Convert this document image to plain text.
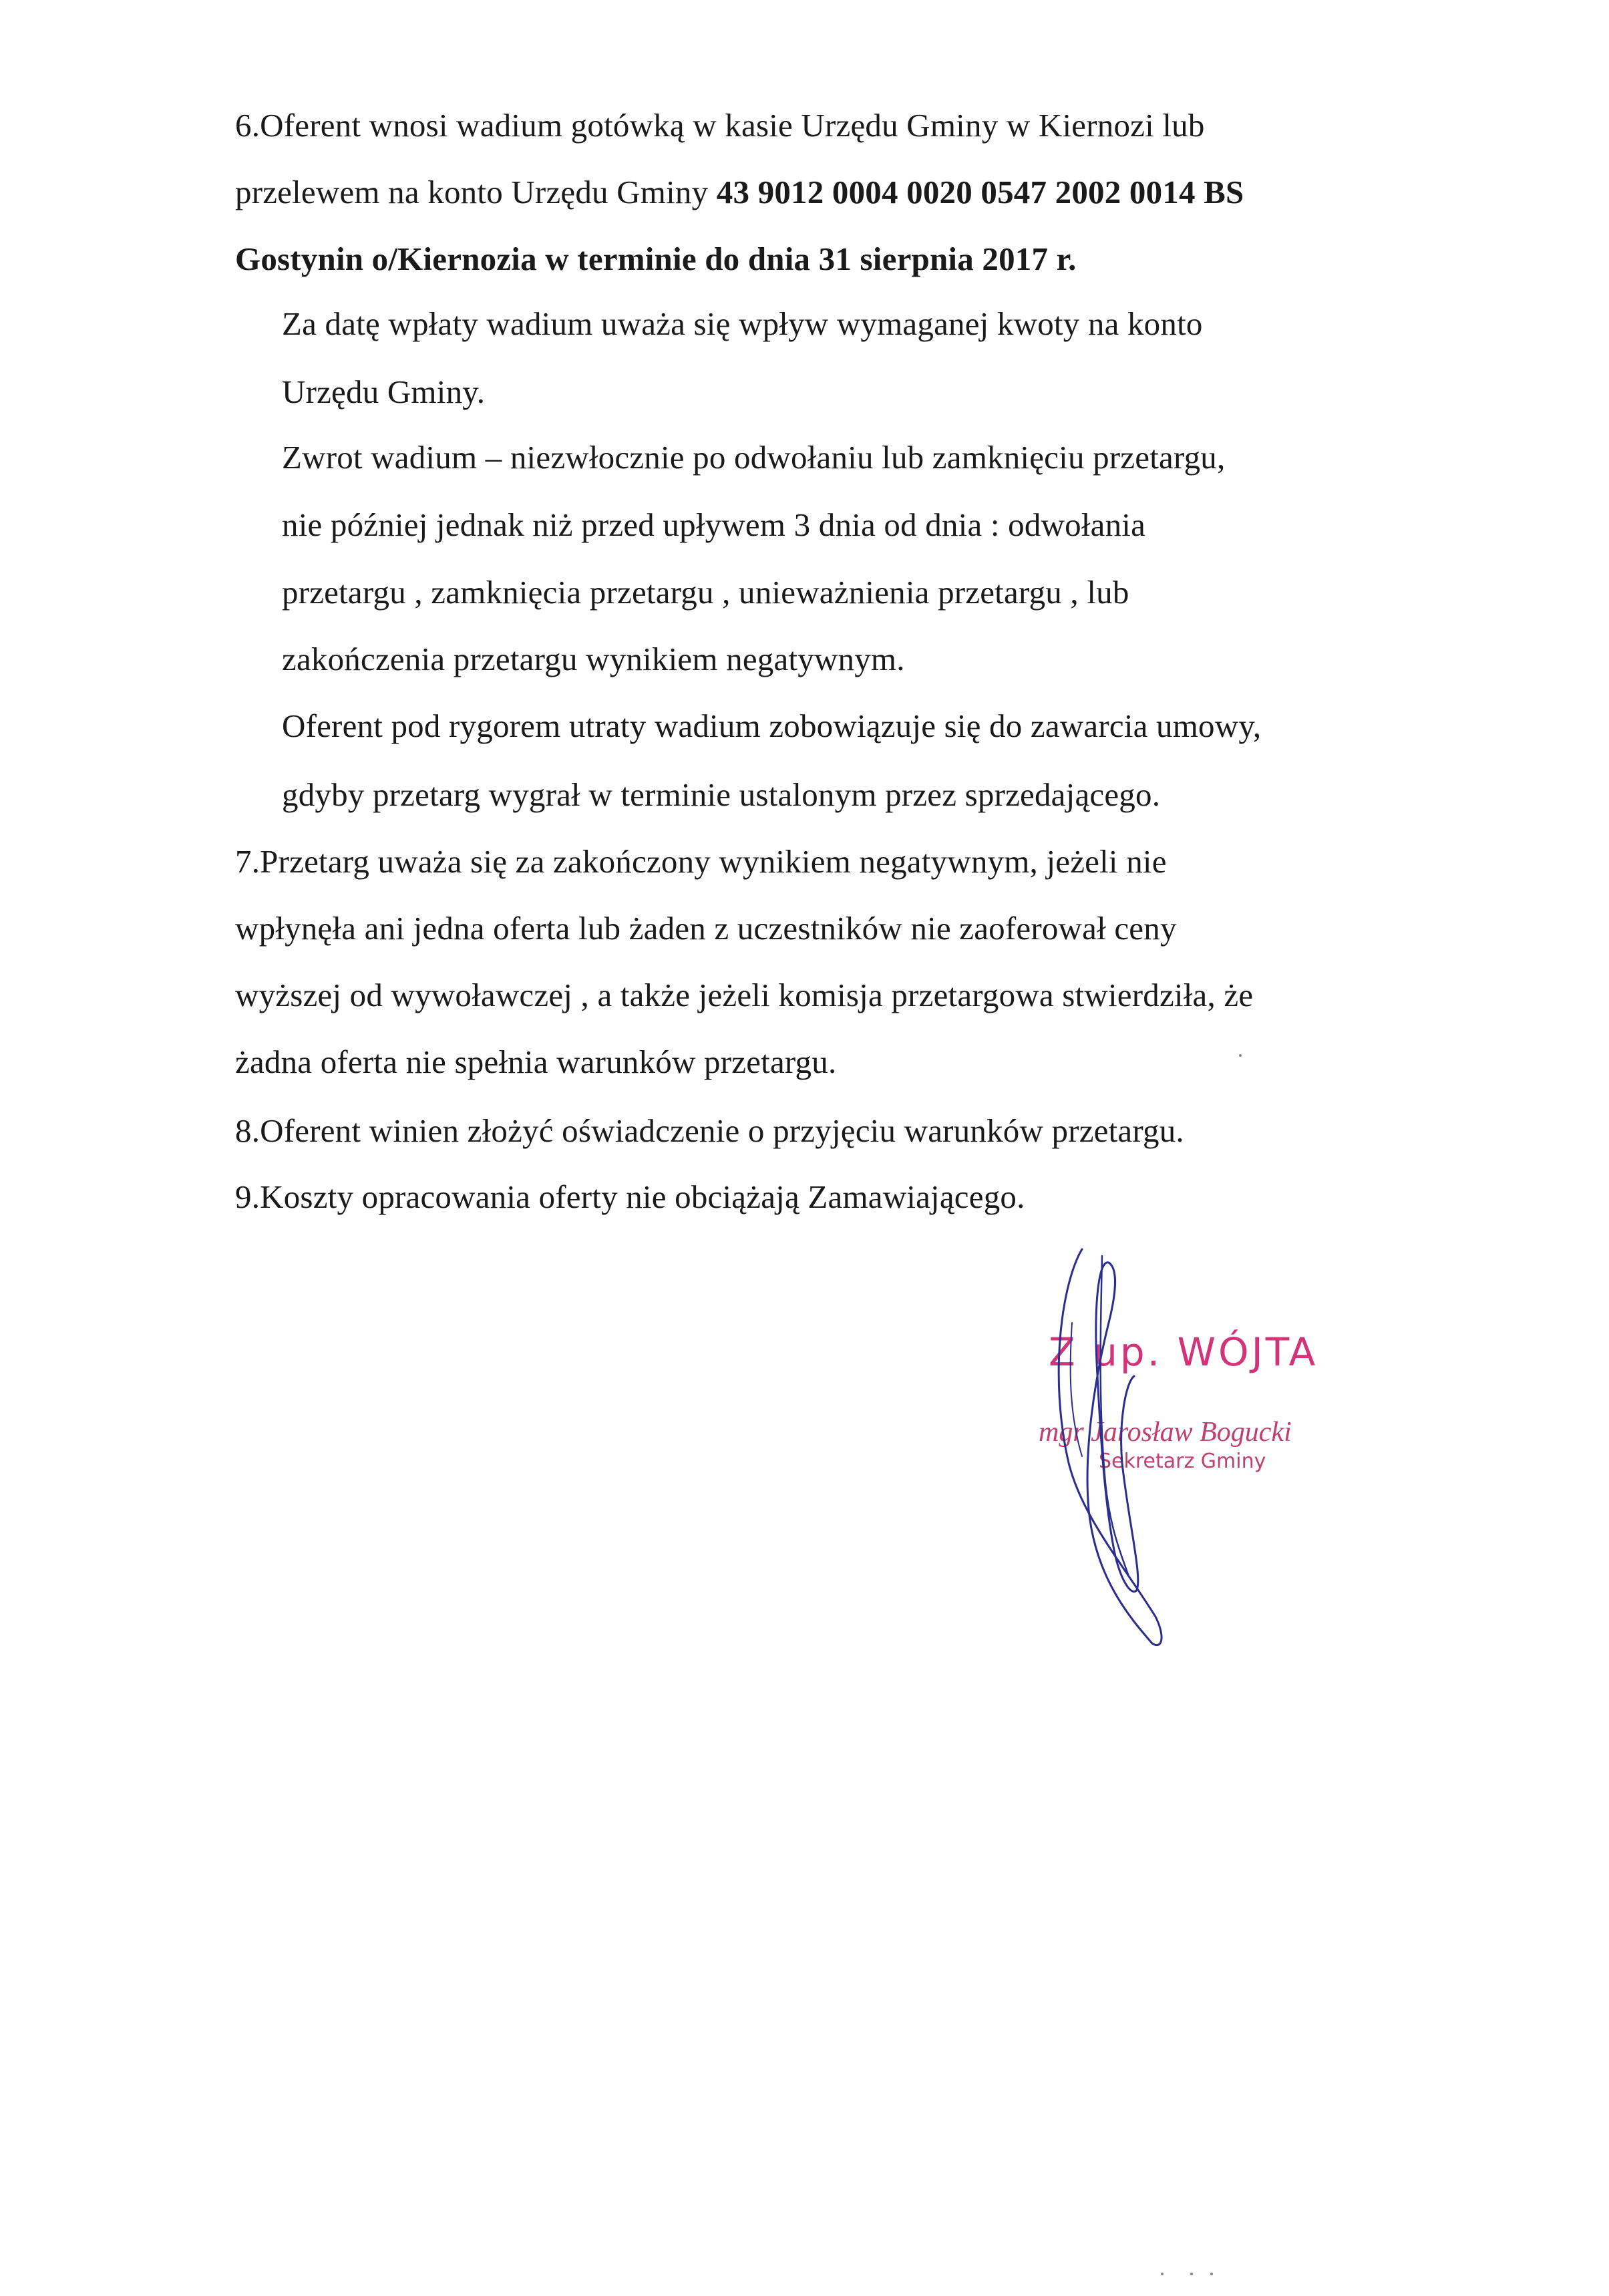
6.Oferent wnosi wadium gotówką w kasie Urzędu Gminy w Kiernozi lub
przelewem na konto Urzędu Gminy 43 9012 0004 0020 0547 2002 0014 BS
Gostynin o/Kiernozia w terminie do dnia 31 sierpnia 2017 r.
Za datę wpłaty wadium uważa się wpływ wymaganej kwoty na konto
Urzędu Gminy.
Zwrot wadium – niezwłocznie po odwołaniu lub zamknięciu przetargu,
nie później jednak niż przed upływem 3 dnia od dnia : odwołania
przetargu , zamknięcia przetargu , unieważnienia przetargu , lub
zakończenia przetargu wynikiem negatywnym.
Oferent pod rygorem utraty wadium zobowiązuje się do zawarcia umowy,
gdyby przetarg wygrał w terminie ustalonym przez sprzedającego.
7.Przetarg uważa się za zakończony wynikiem negatywnym, jeżeli nie
wpłynęła ani jedna oferta lub żaden z uczestników nie zaoferował ceny
wyższej od wywoławczej , a także jeżeli komisja przetargowa stwierdziła, że
żadna oferta nie spełnia warunków przetargu.
8.Oferent winien złożyć oświadczenie o przyjęciu warunków przetargu.
9.Koszty opracowania oferty nie obciążają Zamawiającego.
Z up. WÓJTA
mgr Jarosław Bogucki
Sekretarz Gminy
